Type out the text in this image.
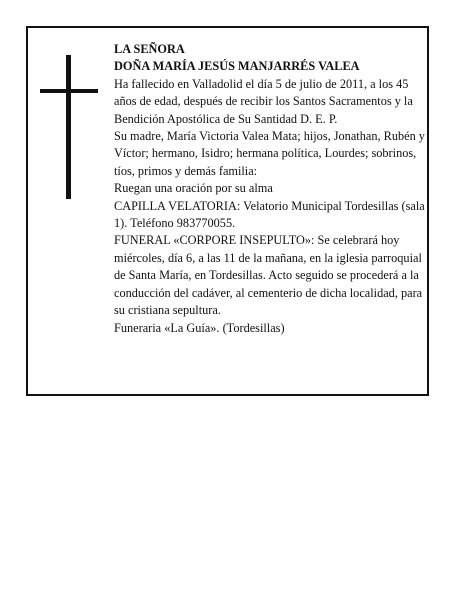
LA SEÑORA

DOÑA MARÍA JESÚS MANJARRÉS VALEA

Ha fallecido en Valladolid el día 5 de julio de 2011, a los 45 años de edad, después de recibir los Santos Sacramentos y la Bendición Apostólica de Su Santidad D. E. P.

Su madre, María Victoria Valea Mata; hijos, Jonathan, Rubén y Víctor; hermano, Isidro; hermana política, Lourdes; sobrinos, tíos, primos y demás familia:

Ruegan una oración por su alma

CAPILLA VELATORIA: Velatorio Municipal Tordesillas (sala 1). Teléfono 983770055.

FUNERAL «CORPORE INSEPULTO»: Se celebrará hoy miércoles, día 6, a las 11 de la mañana, en la iglesia parroquial de Santa María, en Tordesillas. Acto seguido se procederá a la conducción del cadáver, al cementerio de dicha localidad, para su cristiana sepultura.

Funeraria «La Guía». (Tordesillas)
